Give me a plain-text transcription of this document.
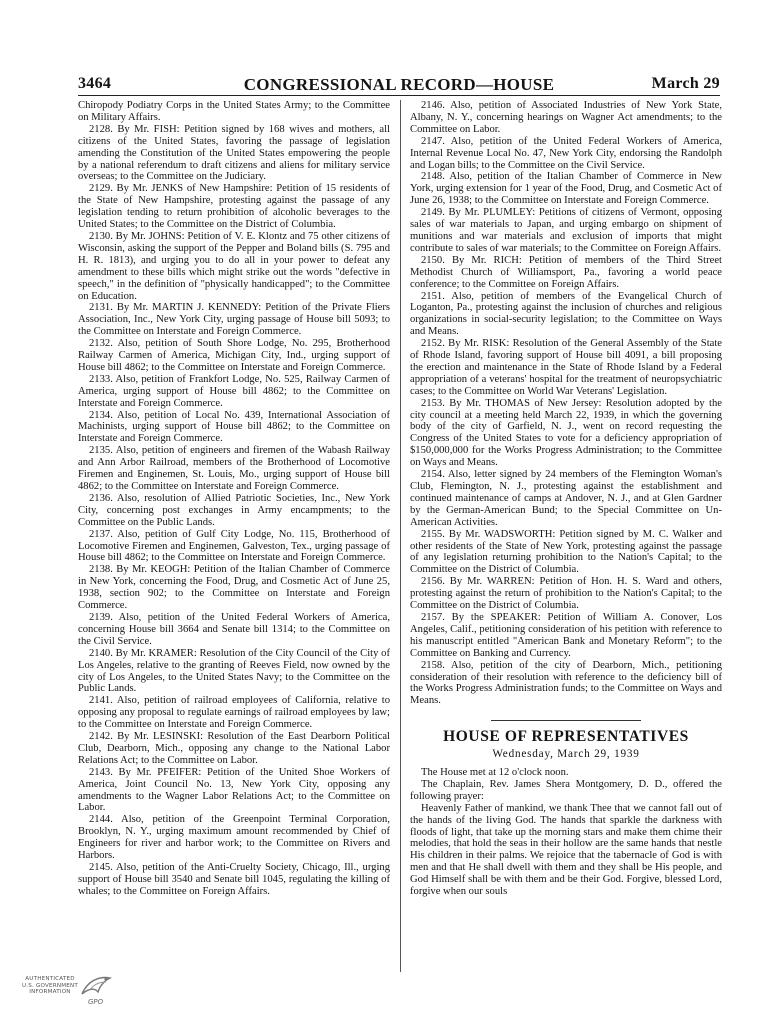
3464	CONGRESSIONAL RECORD—HOUSE	March 29

Chiropody Podiatry Corps in the United States Army; to the Committee on Military Affairs.

2128. By Mr. FISH: Petition signed by 168 wives and mothers, all citizens of the United States, favoring the passage of legislation amending the Constitution of the United States empowering the people by a national referendum to draft citizens and aliens for military service overseas; to the Committee on the Judiciary.

2129. By Mr. JENKS of New Hampshire: Petition of 15 residents of the State of New Hampshire, protesting against the passage of any legislation tending to return prohibition of alcoholic beverages to the United States; to the Committee on the District of Columbia.

2130. By Mr. JOHNS: Petition of V. E. Klontz and 75 other citizens of Wisconsin, asking the support of the Pepper and Boland bills (S. 795 and H. R. 1813), and urging you to do all in your power to defeat any amendment to these bills which might strike out the words "defective in speech," in the definition of "physically handicapped"; to the Committee on Education.

2131. By Mr. MARTIN J. KENNEDY: Petition of the Private Fliers Association, Inc., New York City, urging passage of House bill 5093; to the Committee on Interstate and Foreign Commerce.

2132. Also, petition of South Shore Lodge, No. 295, Brotherhood Railway Carmen of America, Michigan City, Ind., urging support of House bill 4862; to the Committee on Interstate and Foreign Commerce.

2133. Also, petition of Frankfort Lodge, No. 525, Railway Carmen of America, urging support of House bill 4862; to the Committee on Interstate and Foreign Commerce.

2134. Also, petition of Local No. 439, International Association of Machinists, urging support of House bill 4862; to the Committee on Interstate and Foreign Commerce.

2135. Also, petition of engineers and firemen of the Wabash Railway and Ann Arbor Railroad, members of the Brotherhood of Locomotive Firemen and Enginemen, St. Louis, Mo., urging support of House bill 4862; to the Committee on Interstate and Foreign Commerce.

2136. Also, resolution of Allied Patriotic Societies, Inc., New York City, concerning post exchanges in Army encampments; to the Committee on the Public Lands.

2137. Also, petition of Gulf City Lodge, No. 115, Brotherhood of Locomotive Firemen and Enginemen, Galveston, Tex., urging passage of House bill 4862; to the Committee on Interstate and Foreign Commerce.

2138. By Mr. KEOGH: Petition of the Italian Chamber of Commerce in New York, concerning the Food, Drug, and Cosmetic Act of June 25, 1938, section 902; to the Committee on Interstate and Foreign Commerce.

2139. Also, petition of the United Federal Workers of America, concerning House bill 3664 and Senate bill 1314; to the Committee on the Civil Service.

2140. By Mr. KRAMER: Resolution of the City Council of the City of Los Angeles, relative to the granting of Reeves Field, now owned by the city of Los Angeles, to the United States Navy; to the Committee on the Public Lands.

2141. Also, petition of railroad employees of California, relative to opposing any proposal to regulate earnings of railroad employees by law; to the Committee on Interstate and Foreign Commerce.

2142. By Mr. LESINSKI: Resolution of the East Dearborn Political Club, Dearborn, Mich., opposing any change to the National Labor Relations Act; to the Committee on Labor.

2143. By Mr. PFEIFER: Petition of the United Shoe Workers of America, Joint Council No. 13, New York City, opposing any amendments to the Wagner Labor Relations Act; to the Committee on Labor.

2144. Also, petition of the Greenpoint Terminal Corporation, Brooklyn, N. Y., urging maximum amount recommended by Chief of Engineers for river and harbor work; to the Committee on Rivers and Harbors.

2145. Also, petition of the Anti-Cruelty Society, Chicago, Ill., urging support of House bill 3540 and Senate bill 1045, regulating the killing of whales; to the Committee on Foreign Affairs.

2146. Also, petition of Associated Industries of New York State, Albany, N. Y., concerning hearings on Wagner Act amendments; to the Committee on Labor.

2147. Also, petition of the United Federal Workers of America, Internal Revenue Local No. 47, New York City, endorsing the Randolph and Logan bills; to the Committee on the Civil Service.

2148. Also, petition of the Italian Chamber of Commerce in New York, urging extension for 1 year of the Food, Drug, and Cosmetic Act of June 26, 1938; to the Committee on Interstate and Foreign Commerce.

2149. By Mr. PLUMLEY: Petitions of citizens of Vermont, opposing sales of war materials to Japan, and urging embargo on shipment of munitions and war materials and exclusion of imports that might contribute to sales of war materials; to the Committee on Foreign Affairs.

2150. By Mr. RICH: Petition of members of the Third Street Methodist Church of Williamsport, Pa., favoring a world peace conference; to the Committee on Foreign Affairs.

2151. Also, petition of members of the Evangelical Church of Loganton, Pa., protesting against the inclusion of churches and religious organizations in social-security legislation; to the Committee on Ways and Means.

2152. By Mr. RISK: Resolution of the General Assembly of the State of Rhode Island, favoring support of House bill 4091, a bill proposing the erection and maintenance in the State of Rhode Island by a Federal appropriation of a veterans' hospital for the treatment of neuropsychiatric cases; to the Committee on World War Veterans' Legislation.

2153. By Mr. THOMAS of New Jersey: Resolution adopted by the city council at a meeting held March 22, 1939, in which the governing body of the city of Garfield, N. J., went on record requesting the Congress of the United States to vote for a deficiency appropriation of $150,000,000 for the Works Progress Administration; to the Committee on Ways and Means.

2154. Also, letter signed by 24 members of the Flemington Woman's Club, Flemington, N. J., protesting against the establishment and continued maintenance of camps at Andover, N. J., and at Glen Gardner by the German-American Bund; to the Special Committee on Un-American Activities.

2155. By Mr. WADSWORTH: Petition signed by M. C. Walker and other residents of the State of New York, protesting against the passage of any legislation returning prohibition to the Nation's Capital; to the Committee on the District of Columbia.

2156. By Mr. WARREN: Petition of Hon. H. S. Ward and others, protesting against the return of prohibition to the Nation's Capital; to the Committee on the District of Columbia.

2157. By the SPEAKER: Petition of William A. Conover, Los Angeles, Calif., petitioning consideration of his petition with reference to his manuscript entitled "American Bank and Monetary Reform"; to the Committee on Banking and Currency.

2158. Also, petition of the city of Dearborn, Mich., petitioning consideration of their resolution with reference to the deficiency bill of the Works Progress Administration funds; to the Committee on Ways and Means.

HOUSE OF REPRESENTATIVES
Wednesday, March 29, 1939

The House met at 12 o'clock noon.

The Chaplain, Rev. James Shera Montgomery, D. D., offered the following prayer:

Heavenly Father of mankind, we thank Thee that we cannot fall out of the hands of the living God. The hands that sparkle the darkness with floods of light, that take up the morning stars and make them chime their melodies, that hold the seas in their hollow are the same hands that nestle His children in their palms. We rejoice that the tabernacle of God is with men and that He shall dwell with them and they shall be His people, and God Himself shall be with them and be their God. Forgive, blessed Lord, forgive when our souls

AUTHENTICATED U.S. GOVERNMENT INFORMATION
GPO
